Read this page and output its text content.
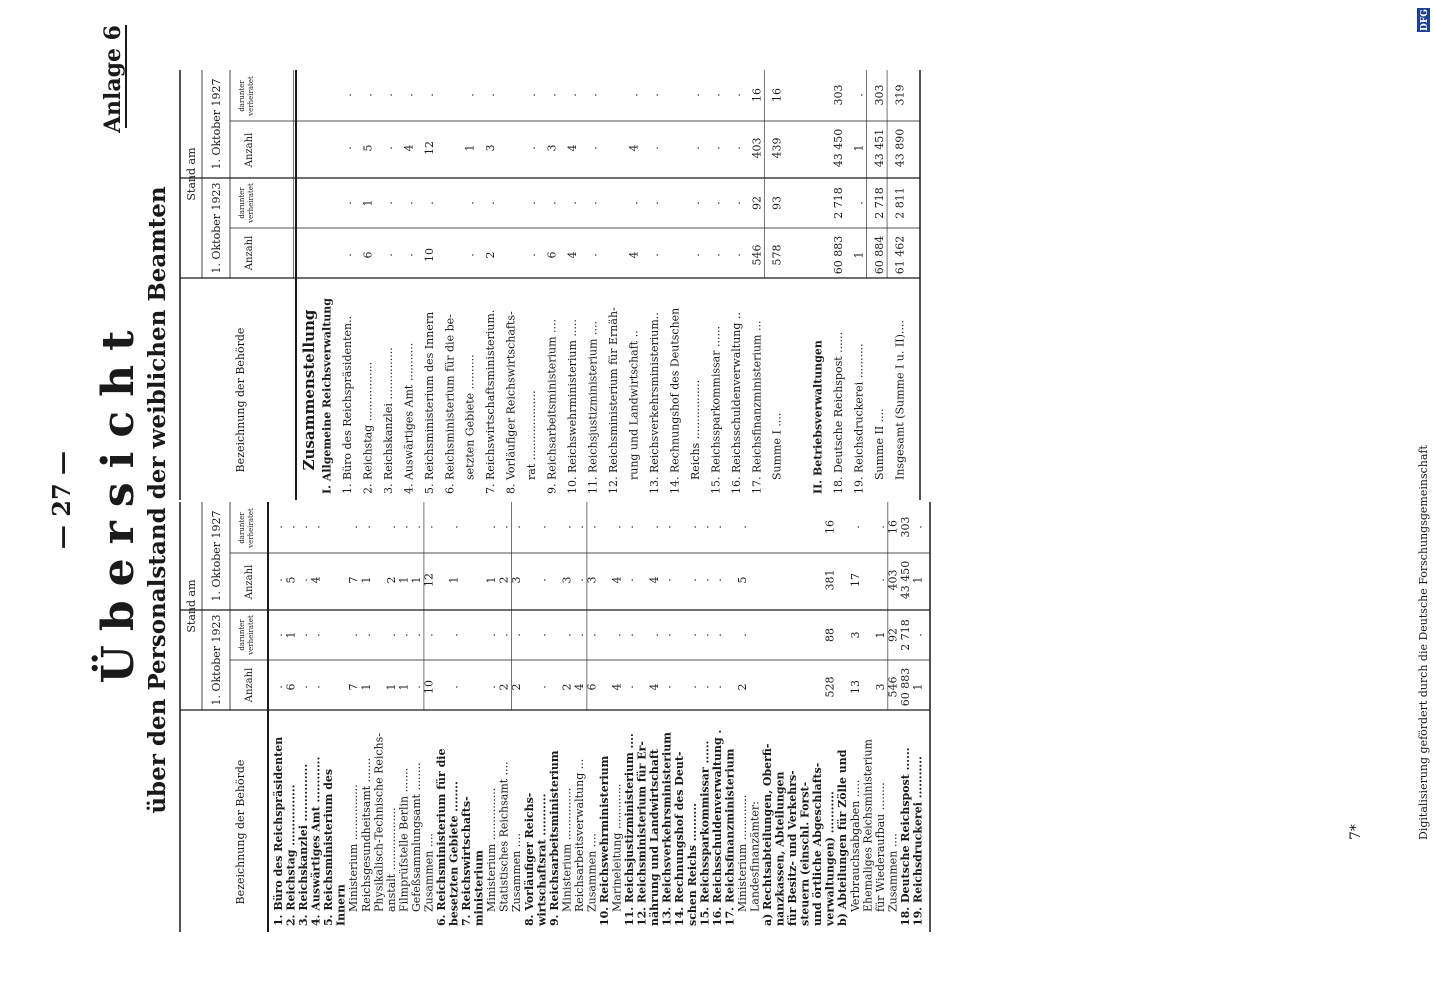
— 27 —
Anlage 6
Übersicht über den Personalstand der weiblichen Beamten
7*	Digitalisierung gefördert durch die Deutsche Forschungsgemeinschaft
DFG
Bezeichnung der Behörde
Stand am
1. Oktober 1923
1. Oktober 1927
Anzahl
Anzahl
darunter verheiratet
darunter verheiratet
1. Büro des Reichspräsidenten
.
.
.
.
2. Reichstag ................
6
1
5
.
3. Reichskanzlei ...............
.
.
.
.
4. Auswärtiges Amt ............
.
.
4
.
5. Reichsministerium des Innern Ministerium ................
7
.
7
.
Reichsgesundheitsamt .......
1
.
1
.
Physikalisch-Technische Reichs- anstalt ..................
1
.
2
.
Filmprüfstelle Berlin .......
1
.
1
.
Gefeßsammlungsamt ........
.
.
1
.
Zusammen ....
10
.
12
.
6. Reichsministerium für die besetzten Gebiete ........
.
.
1
.
7. Reichswirtschafts- ministerium Ministerium ...............
.
.
1
.
Statistisches Reichsamt ....
2
.
2
.
Zusammen ....
2
.
3
.
8. Vorläufiger Reichs- wirtschaftsrat ...........
.
.
.
.
9. Reichsarbeitsministerium Ministerium ...............
2
.
3
.
Reichsarbeitsverwaltung ...
4
.
.
.
Zusammen ....
6
.
3
.
10. Reichswehrministerium Marineleitung .............
4
.
4
.
11. Reichsjustizministerium ....
.
.
.
.
12. Reichsministerium für Er- nährung und Landwirtschaft
4
.
4
.
13. Reichsverkehrsministerium
.
.
.
.
14. Rechnungshof des Deut- schen Reichs ..........
.
.
.
.
15. Reichssparkommissar ......
.
.
.
.
16. Reichsschuldenverwaltung .
.
.
.
.
17. Reichsfinanzministerium Ministerium .............
2
.
5
.
Landesfinanzämter: a) Rechtsabteilungen, Oberfi- nanzkassen, Abteilungen für Besitz- und Verkehrs- steuern (einschl. Forst- und örtliche Abgeschlafts- verwaltungen) ...........
528
88
381
16
b) Abteilungen für Zölle und Verbrauchsabgaben .....
13
3
17
.
Ehemaliges Reichsministerium für Wiederaufbau ........
3
1
.
.
Zusammen ....
546
92
403
16
18. Deutsche Reichspost ......
60 883
2 718
43 450
303
19. Reichsdruckerei ...........
1
.
1
.
Bezeichnung der Behörde
Stand am
1. Oktober 1923
1. Oktober 1927
Anzahl
Anzahl
darunter verheiratet
darunter verheiratet
Zusammenstellung I. Allgemeine Reichsverwaltung 1. Büro des Reichspräsidenten..
.
.
.
.
2. Reichstag .................
6
1
5
.
3. Reichskanzlei ...............
.
.
.
.
4. Auswärtiges Amt ...........
.
.
4
.
5. Reichsministerium des Innern
10
.
12
.
6. Reichsministerium für die be- setzten Gebiete ..........
.
.
1
.
7. Reichswirtschaftsministerium.
2
.
3
.
8. Vorläufiger Reichswirtschafts- rat ....................
.
.
.
.
9. Reichsarbeitsministerium ....
6
.
3
.
10. Reichswehrministerium .....
4
.
4
.
11. Reichsjustizministerium ....
.
.
.
.
12. Reichsministerium für Ernäh- rung und Landwirtschaft ..
4
.
4
.
13. Reichsverkehrsministerium..
.
.
.
.
14. Rechnungshof des Deutschen Reichs .................
.
.
.
.
15. Reichssparkommissar ......
.
.
.
.
16. Reichsschuldenverwaltung ..
.
.
.
.
17. Reichsfinanzministerium ...
546
92
403
16
Summe I ....
578
93
439
16
II. Betriebsverwaltungen 18. Deutsche Reichspost ......
60 883
2 718
43 450
303
19. Reichsdruckerei ..........
1
.
1
.
Summe II ....
60 884
2 718
43 451
303
Insgesamt (Summe I u. II)....
61 462
2 811
43 890
319
